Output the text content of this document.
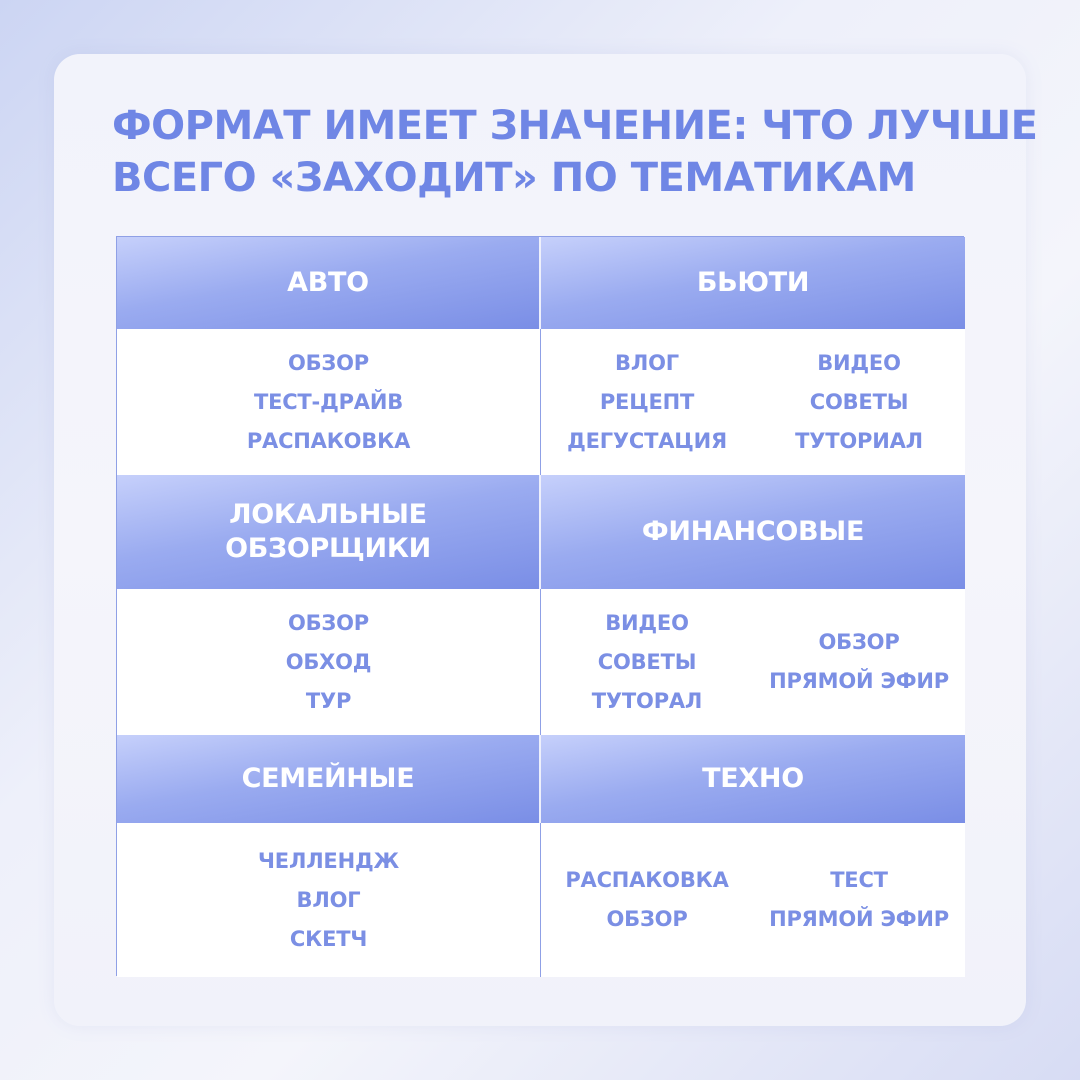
ФОРМАТ ИМЕЕТ ЗНАЧЕНИЕ: ЧТО ЛУЧШЕ
ВСЕГО «ЗАХОДИТ» ПО ТЕМАТИКАМ
АВТО	БЬЮТИ
ОБЗОР
ТЕСТ-ДРАЙВ
РАСПАКОВКА
ВЛОГ
РЕЦЕПТ
ДЕГУСТАЦИЯ
ВИДЕО
СОВЕТЫ
ТУТОРИАЛ
ЛОКАЛЬНЫЕ
ОБЗОРЩИКИ
ФИНАНСОВЫЕ
ОБЗОР
ОБХОД
ТУР
ВИДЕО
СОВЕТЫ
ТУТОРАЛ
ОБЗОР
ПРЯМОЙ ЭФИР
СЕМЕЙНЫЕ	ТЕХНО
ЧЕЛЛЕНДЖ
ВЛОГ
СКЕТЧ
РАСПАКОВКА
ОБЗОР
ТЕСТ
ПРЯМОЙ ЭФИР
